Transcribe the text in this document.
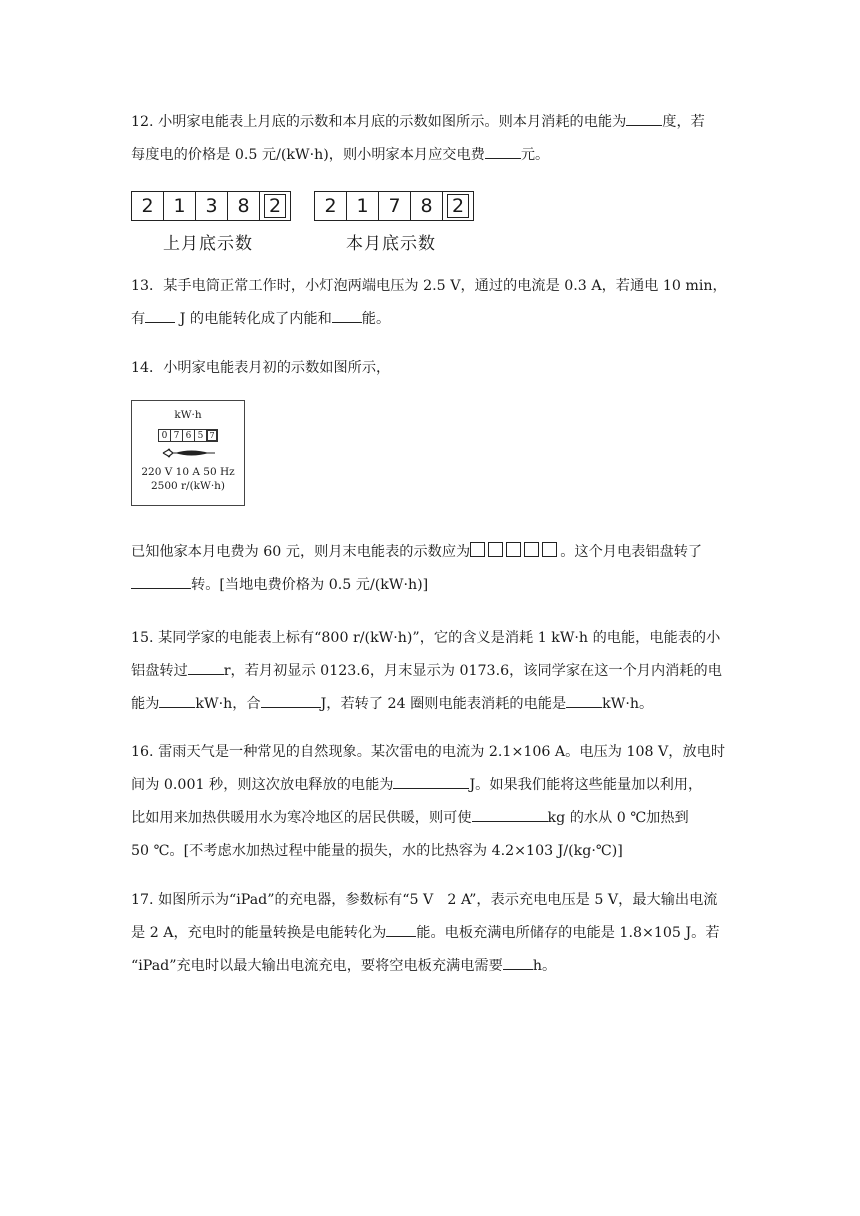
12. 小明家电能表上月底的示数和本月底的示数如图所示。则本月消耗的电能为	度，若
每度电的价格是 0.5 元/(kW·h)，则小明家本月应交电费	元。

2	1	3	8	2
上月底示数
2	1	7	8	2
本月底示数

13．某手电筒正常工作时，小灯泡两端电压为 2.5 V，通过的电流是 0.3 A，若通电 10 min，
有 J 的电能转化成了内能和 能。

14．小明家电能表月初的示数如图所示，

kW·h
0 7 6 5 7
220 V 10 A 50 Hz
2500 r/(kW·h)

已知他家本月电费为 60 元，则月末电能表的示数应为	。这个月电表铝盘转了
转。[当地电费价格为 0.5 元/(kW·h)]

15. 某同学家的电能表上标有“800 r/(kW·h)”，它的含义是消耗 1 kW·h 的电能，电能表的小
铝盘转过	r，若月初显示 0123.6，月末显示为 0173.6，该同学家在这一个月内消耗的电
能为	kW·h，合	J，若转了 24 圈则电能表消耗的电能是	kW·h。

16. 雷雨天气是一种常见的自然现象。某次雷电的电流为 2.1×106 A。电压为 108 V，放电时
间为 0.001 秒，则这次放电释放的电能为	J。如果我们能将这些能量加以利用，
比如用来加热供暖用水为寒冷地区的居民供暖，则可使	kg 的水从 0 ℃加热到
50 ℃。[不考虑水加热过程中能量的损失，水的比热容为 4.2×103 J/(kg·℃)]

17. 如图所示为“iPad”的充电器，参数标有“5 V　2 A”，表示充电电压是 5 V，最大输出电流
是 2 A，充电时的能量转换是电能转化为 能。电板充满电所储存的电能是 1.8×105 J。若
“iPad”充电时以最大输出电流充电，要将空电板充满电需要 h。
